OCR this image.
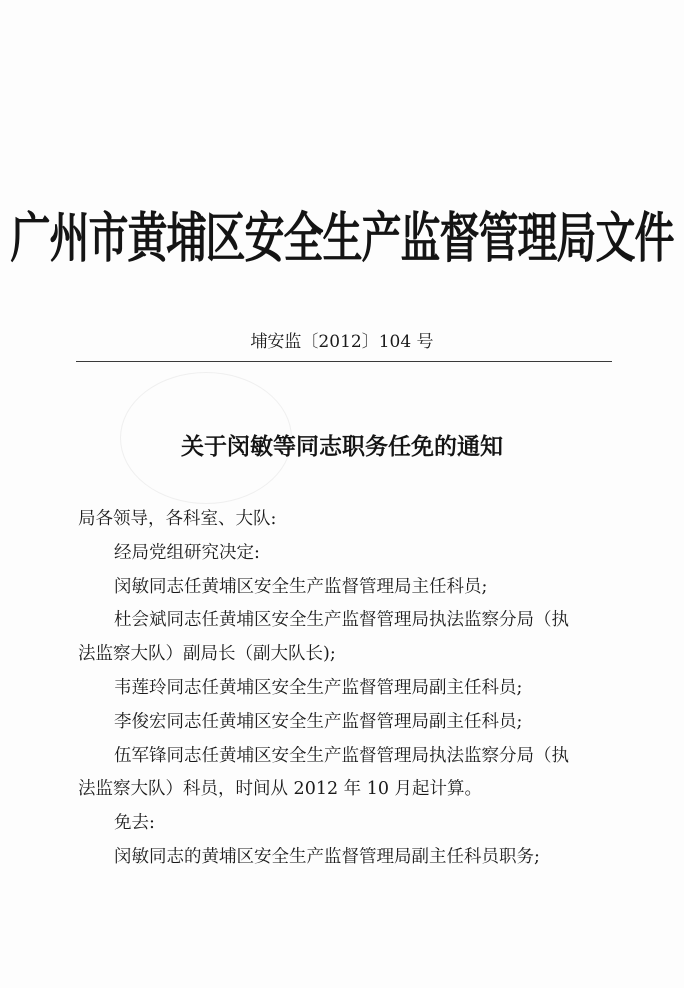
广州市黄埔区安全生产监督管理局文件
埔安监〔2012〕104 号
关于闵敏等同志职务任免的通知
局各领导，各科室、大队:
经局党组研究决定:
闵敏同志任黄埔区安全生产监督管理局主任科员;
杜会斌同志任黄埔区安全生产监督管理局执法监察分局（执
法监察大队）副局长（副大队长);
韦莲玲同志任黄埔区安全生产监督管理局副主任科员;
李俊宏同志任黄埔区安全生产监督管理局副主任科员;
伍军锋同志任黄埔区安全生产监督管理局执法监察分局（执
法监察大队）科员，时间从 2012 年 10 月起计算。
免去:
闵敏同志的黄埔区安全生产监督管理局副主任科员职务;
